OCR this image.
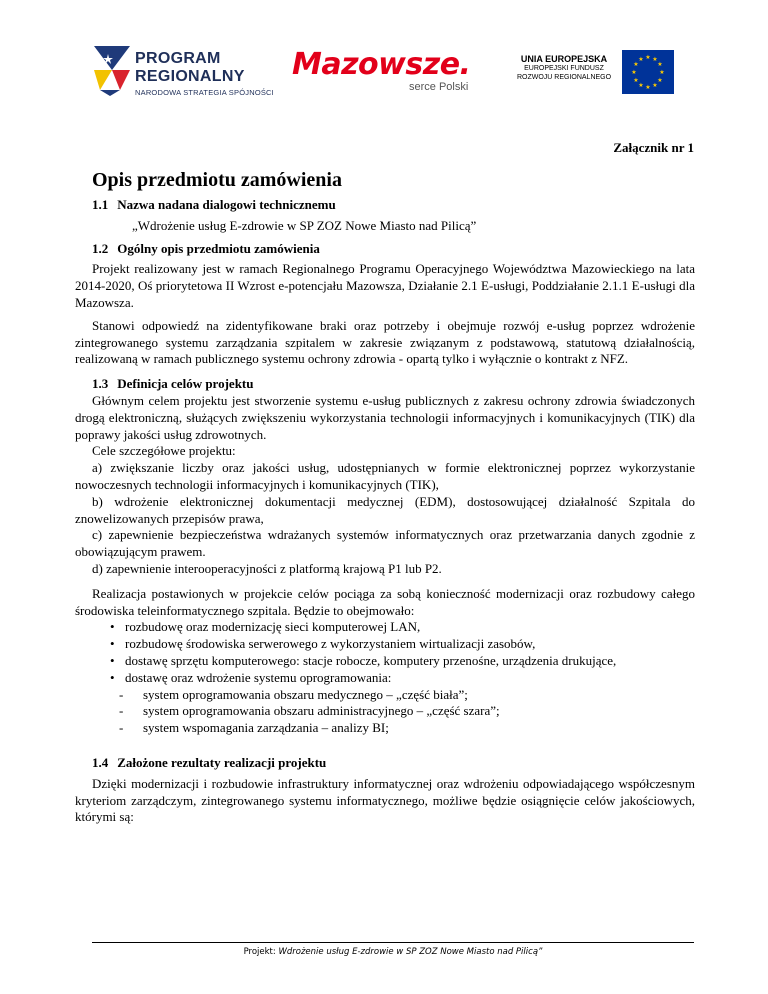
PROGRAM
REGIONALNY
NARODOWA STRATEGIA SPÓJNOŚCI
Mazowsze.
serce Polski
UNIA EUROPEJSKA
EUROPEJSKI FUNDUSZ
ROZWOJU REGIONALNEGO
★ ★
★
★
★
★
★
★
★
★
★
★
Załącznik nr 1
Opis przedmiotu zamówienia
1.1 Nazwa nadana dialogowi technicznemu
„Wdrożenie usług E-zdrowie w SP ZOZ Nowe Miasto nad Pilicą”
1.2 Ogólny opis przedmiotu zamówienia

Projekt realizowany jest w ramach Regionalnego Programu Operacyjnego Województwa Mazowieckiego na lata 2014-2020, Oś priorytetowa II Wzrost e-potencjału Mazowsza, Działanie 2.1 E-usługi, Poddziałanie 2.1.1 E-usługi dla Mazowsza.

Stanowi odpowiedź na zidentyfikowane braki oraz potrzeby i obejmuje rozwój e-usług poprzez wdrożenie zintegrowanego systemu zarządzania szpitalem w zakresie związanym z podstawową, statutową działalnością, realizowaną w ramach publicznego systemu ochrony zdrowia - opartą tylko i wyłącznie o kontrakt z NFZ.

1.3 Definicja celów projektu

Głównym celem projektu jest stworzenie systemu e-usług publicznych z zakresu ochrony zdrowia świadczonych drogą elektroniczną, służących zwiększeniu wykorzystania technologii informacyjnych i komunikacyjnych (TIK) dla poprawy jakości usług zdrowotnych.

Cele szczegółowe projektu:

a) zwiększanie liczby oraz jakości usług, udostępnianych w formie elektronicznej poprzez wykorzystanie nowoczesnych technologii informacyjnych i komunikacyjnych (TIK),

b) wdrożenie elektronicznej dokumentacji medycznej (EDM), dostosowującej działalność Szpitala do znowelizowanych przepisów prawa,

c) zapewnienie bezpieczeństwa wdrażanych systemów informatycznych oraz przetwarzania danych zgodnie z obowiązującym prawem.

d) zapewnienie interooperacyjności z platformą krajową P1 lub P2.

Realizacja postawionych w projekcie celów pociąga za sobą konieczność modernizacji oraz rozbudowy całego środowiska teleinformatycznego szpitala. Będzie to obejmowało:

• rozbudowę oraz modernizację sieci komputerowej LAN,
• rozbudowę środowiska serwerowego z wykorzystaniem wirtualizacji zasobów,
• dostawę sprzętu komputerowego: stacje robocze, komputery przenośne, urządzenia drukujące,
• dostawę oraz wdrożenie systemu oprogramowania:
- system oprogramowania obszaru medycznego – „część biała”;
- system oprogramowania obszaru administracyjnego – „część szara”;
- system wspomagania zarządzania – analizy BI;
1.4 Założone rezultaty realizacji projektu

Dzięki modernizacji i rozbudowie infrastruktury informatycznej oraz wdrożeniu odpowiadającego współczesnym kryteriom zarządczym, zintegrowanego systemu informatycznego, możliwe będzie osiągnięcie celów jakościowych, którymi są:

Projekt: Wdrożenie usług E-zdrowie w SP ZOZ Nowe Miasto nad Pilicą”
